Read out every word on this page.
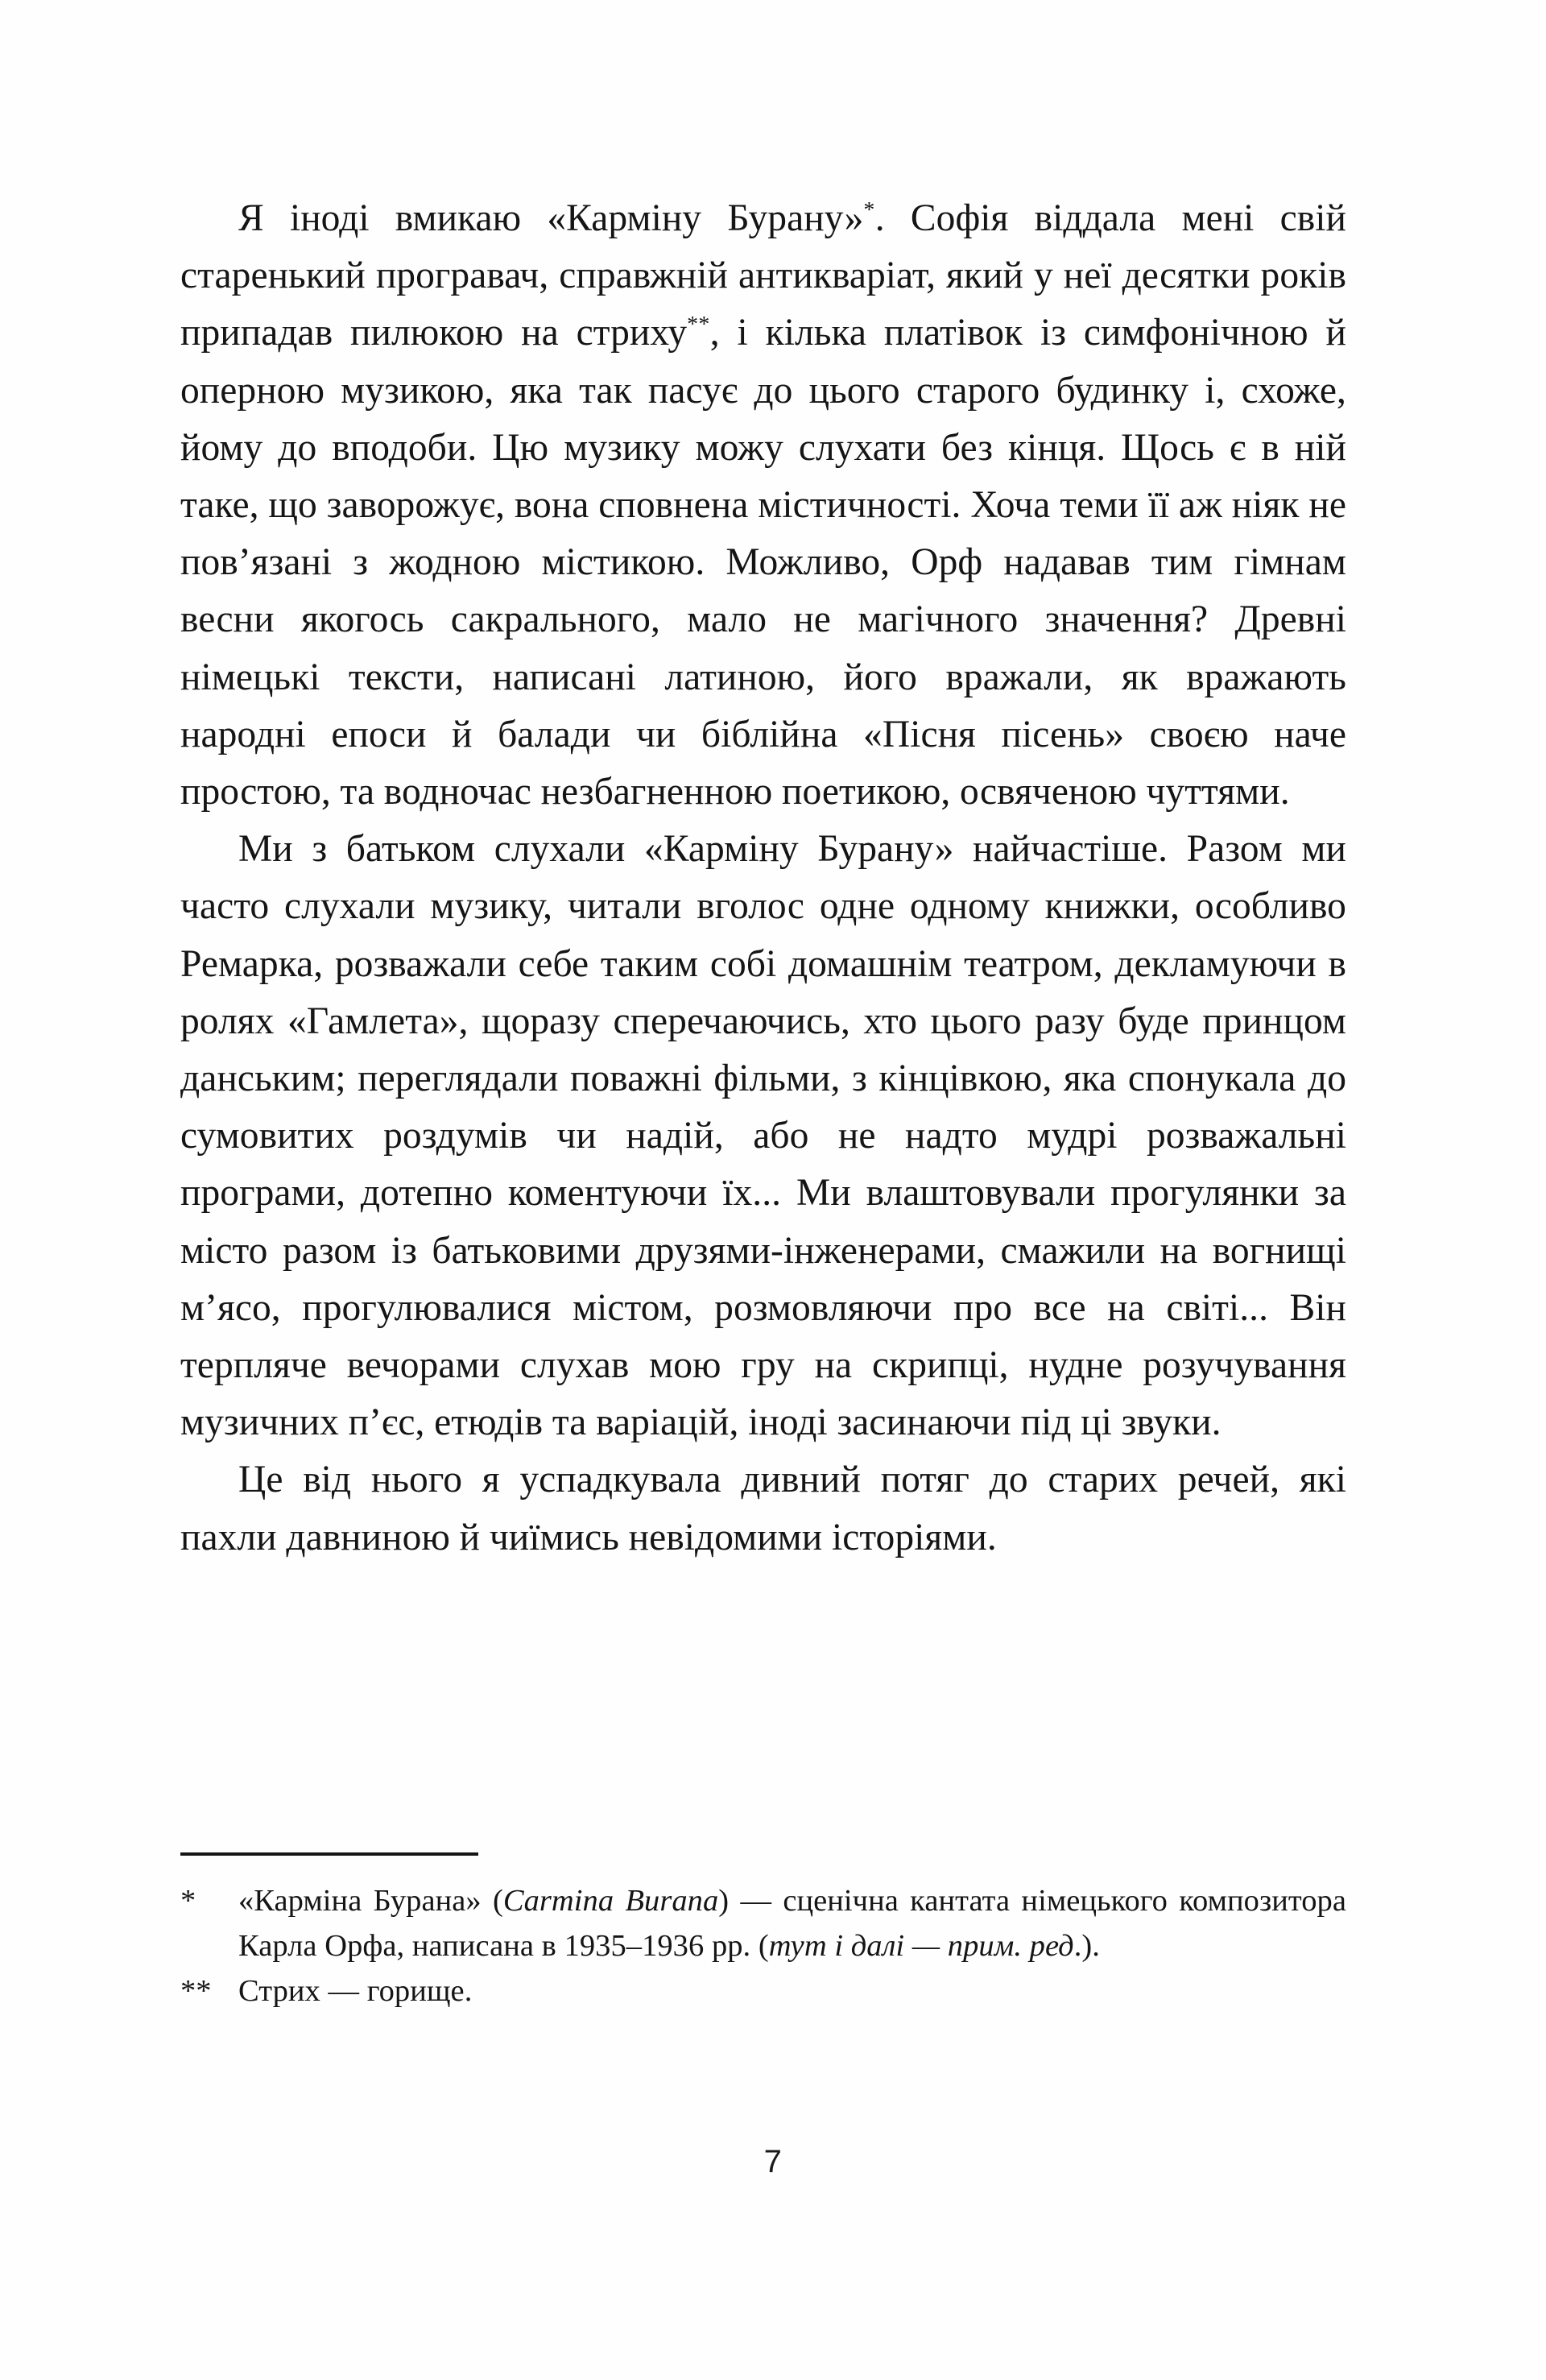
Я іноді вмикаю «Карміну Бурану»*. Софія віддала мені свій старенький програвач, справжній антикваріат, який у неї десятки років припадав пилюкою на стриху**, і кілька платівок із симфонічною й оперною музикою, яка так пасує до цього старого будинку і, схоже, йому до вподоби. Цю музику можу слухати без кінця. Щось є в ній таке, що заворожує, вона сповнена містичності. Хоча теми її аж ніяк не пов’язані з жодною містикою. Можливо, Орф надавав тим гімнам весни якогось сакрального, мало не магічного значення? Древні німецькі тексти, написані латиною, його вражали, як вражають народні епоси й балади чи біблійна «Пісня пісень» своєю наче простою, та водночас незбагненною поетикою, освяченою чуттями.

Ми з батьком слухали «Карміну Бурану» найчастіше. Разом ми часто слухали музику, читали вголос одне одному книжки, особливо Ремарка, розважали себе таким собі домашнім театром, декламуючи в ролях «Гамлета», щоразу сперечаючись, хто цього разу буде принцом данським; переглядали поважні фільми, з кінцівкою, яка спонукала до сумовитих роздумів чи надій, або не надто мудрі розважальні програми, дотепно коментуючи їх... Ми влаштовували прогулянки за місто разом із батьковими друзями-інженерами, смажили на вогнищі м’ясо, прогулювалися містом, розмовляючи про все на світі... Він терпляче вечорами слухав мою гру на скрипці, нудне розучування музичних п’єс, етюдів та варіацій, іноді засинаючи під ці звуки.

Це від нього я успадкувала дивний потяг до старих речей, які пахли давниною й чиїмись невідомими історіями.

*	«Карміна Бурана» (Carmina Burana) — сценічна кантата німецького композитора Карла Орфа, написана в 1935–1936 рр. (тут і далі — прим. ред.).

** Стрих — горище.

7
